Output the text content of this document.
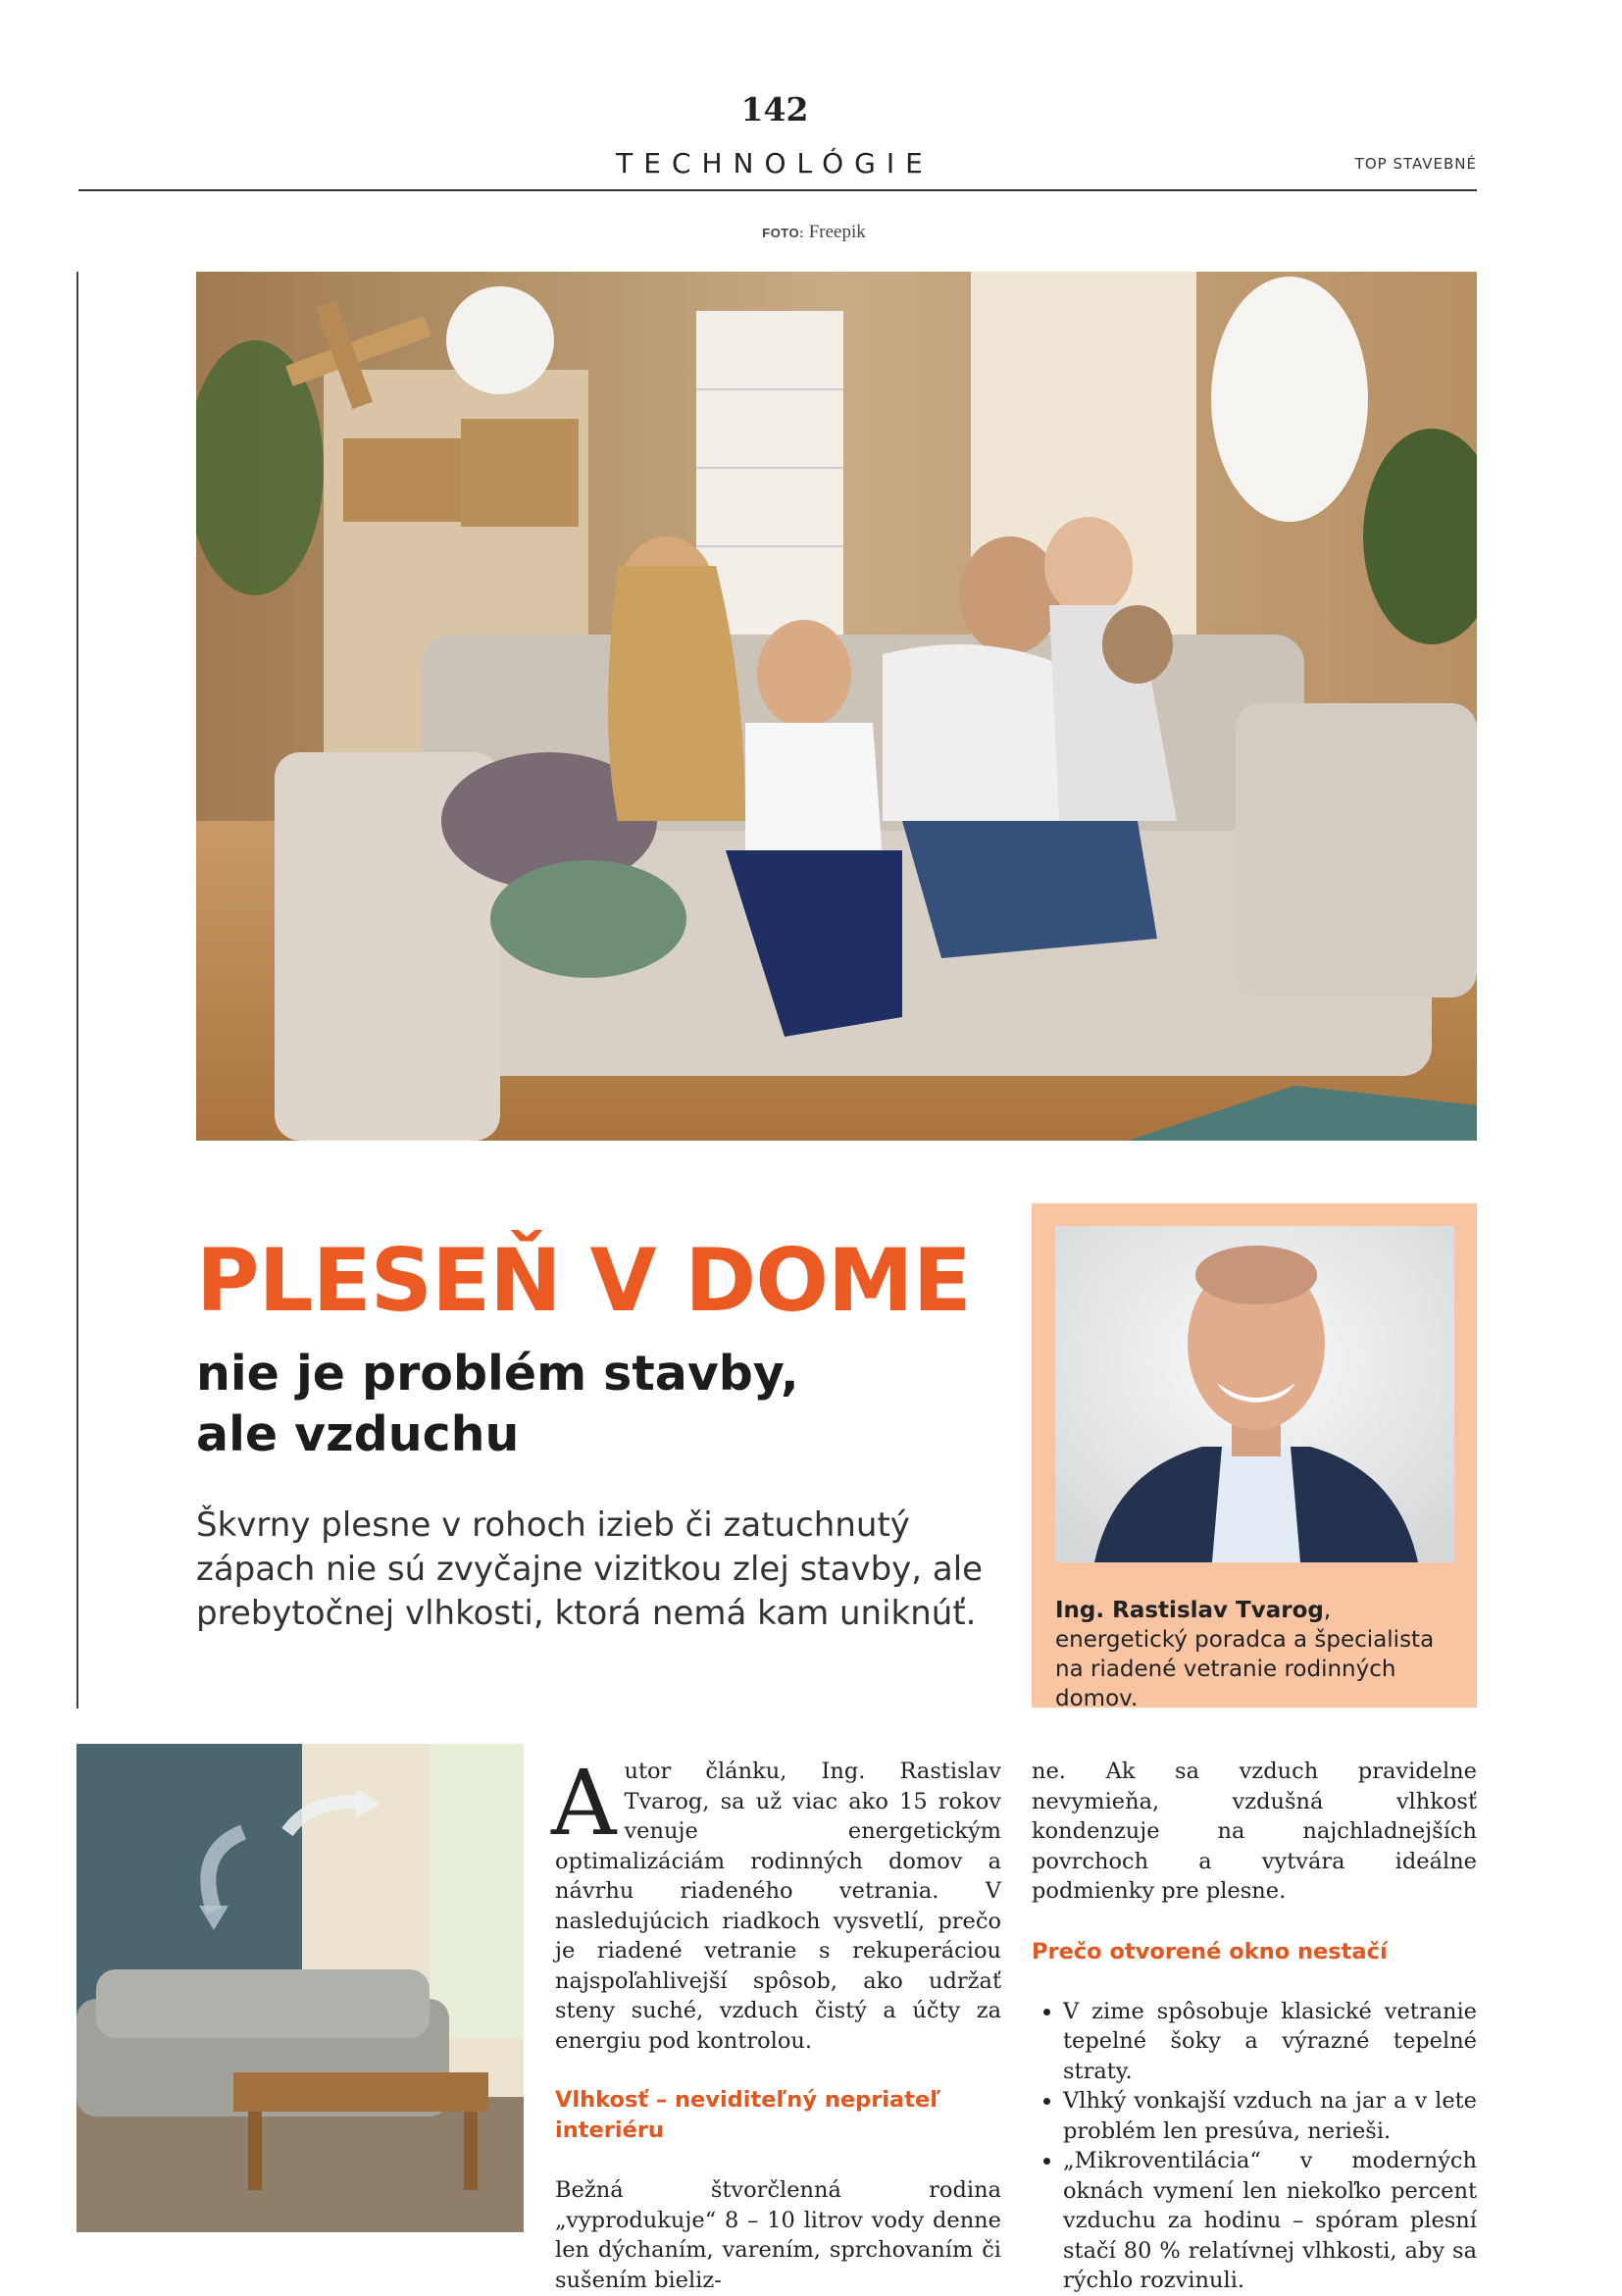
142
TECHNOLÓGIE	TOP STAVEBNÉ
FOTO: Freepik
PLESEŇ V DOME
nie je problém stavby,
ale vzduchu
Škvrny plesne v rohoch izieb či zatuchnutý zápach nie sú zvyčajne vizitkou zlej stavby, ale prebytočnej vlhkosti, ktorá nemá kam uniknúť.	Ing. Rastislav Tvarog, energetický poradca a špecialista na riadené vetranie rodinných domov.

Autor článku, Ing. Rastislav Tvarog, sa už viac ako 15 rokov venuje energetickým optimalizáciám rodinných domov a návrhu riadeného vetrania. V nasledujúcich riadkoch vysvetlí, prečo je riadené vetranie s rekuperáciou najspoľahlivejší spôsob, ako udržať steny suché, vzduch čistý a účty za energiu pod kontrolou.

Vlhkosť – neviditeľný nepriateľ interiéru

Bežná štvorčlenná rodina „vyprodukuje“ 8 – 10 litrov vody denne len dýchaním, varením, sprchovaním či sušením bieliz-

ne. Ak sa vzduch pravidelne nevymieňa, vzdušná vlhkosť kondenzuje na najchladnejších povrchoch a vytvára ideálne podmienky pre plesne.

Prečo otvorené okno nestačí
• V zime spôsobuje klasické vetranie tepelné šoky a výrazné tepelné straty.
• Vlhký vonkajší vzduch na jar a v lete problém len presúva, nerieši.
• „Mikroventilácia“ v moderných oknách vymení len niekoľko percent vzduchu za hodinu – spóram plesní stačí 80 % relatívnej vlhkosti, aby sa rýchlo rozvinuli.
